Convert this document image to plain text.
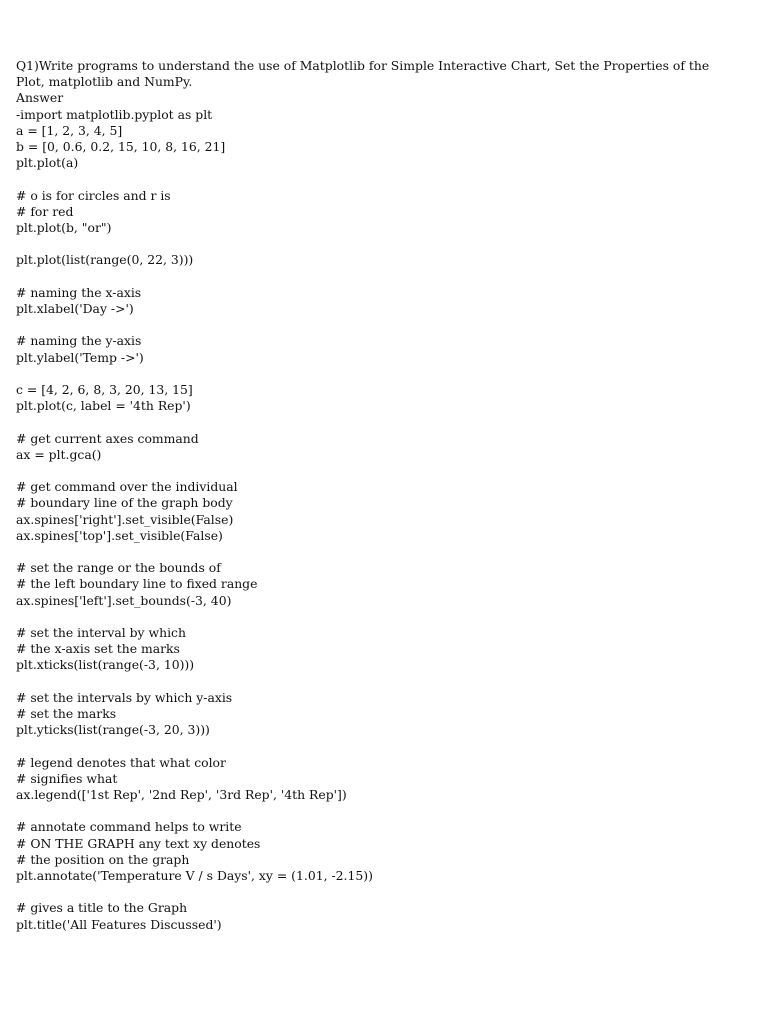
Q1)Write programs to understand the use of Matplotlib for Simple Interactive Chart, Set the Properties of the Plot, matplotlib and NumPy.
Answer
-import matplotlib.pyplot as plt
a = [1, 2, 3, 4, 5]
b = [0, 0.6, 0.2, 15, 10, 8, 16, 21]
plt.plot(a)
# o is for circles and r is
# for red
plt.plot(b, "or")
plt.plot(list(range(0, 22, 3)))
# naming the x-axis
plt.xlabel('Day ->')
# naming the y-axis
plt.ylabel('Temp ->')
c = [4, 2, 6, 8, 3, 20, 13, 15]
plt.plot(c, label = '4th Rep')
# get current axes command
ax = plt.gca()
# get command over the individual
# boundary line of the graph body
ax.spines['right'].set_visible(False)
ax.spines['top'].set_visible(False)
# set the range or the bounds of
# the left boundary line to fixed range
ax.spines['left'].set_bounds(-3, 40)
# set the interval by which
# the x-axis set the marks
plt.xticks(list(range(-3, 10)))
# set the intervals by which y-axis
# set the marks
plt.yticks(list(range(-3, 20, 3)))
# legend denotes that what color
# signifies what
ax.legend(['1st Rep', '2nd Rep', '3rd Rep', '4th Rep'])
# annotate command helps to write
# ON THE GRAPH any text xy denotes
# the position on the graph
plt.annotate('Temperature V / s Days', xy = (1.01, -2.15))
# gives a title to the Graph
plt.title('All Features Discussed')
